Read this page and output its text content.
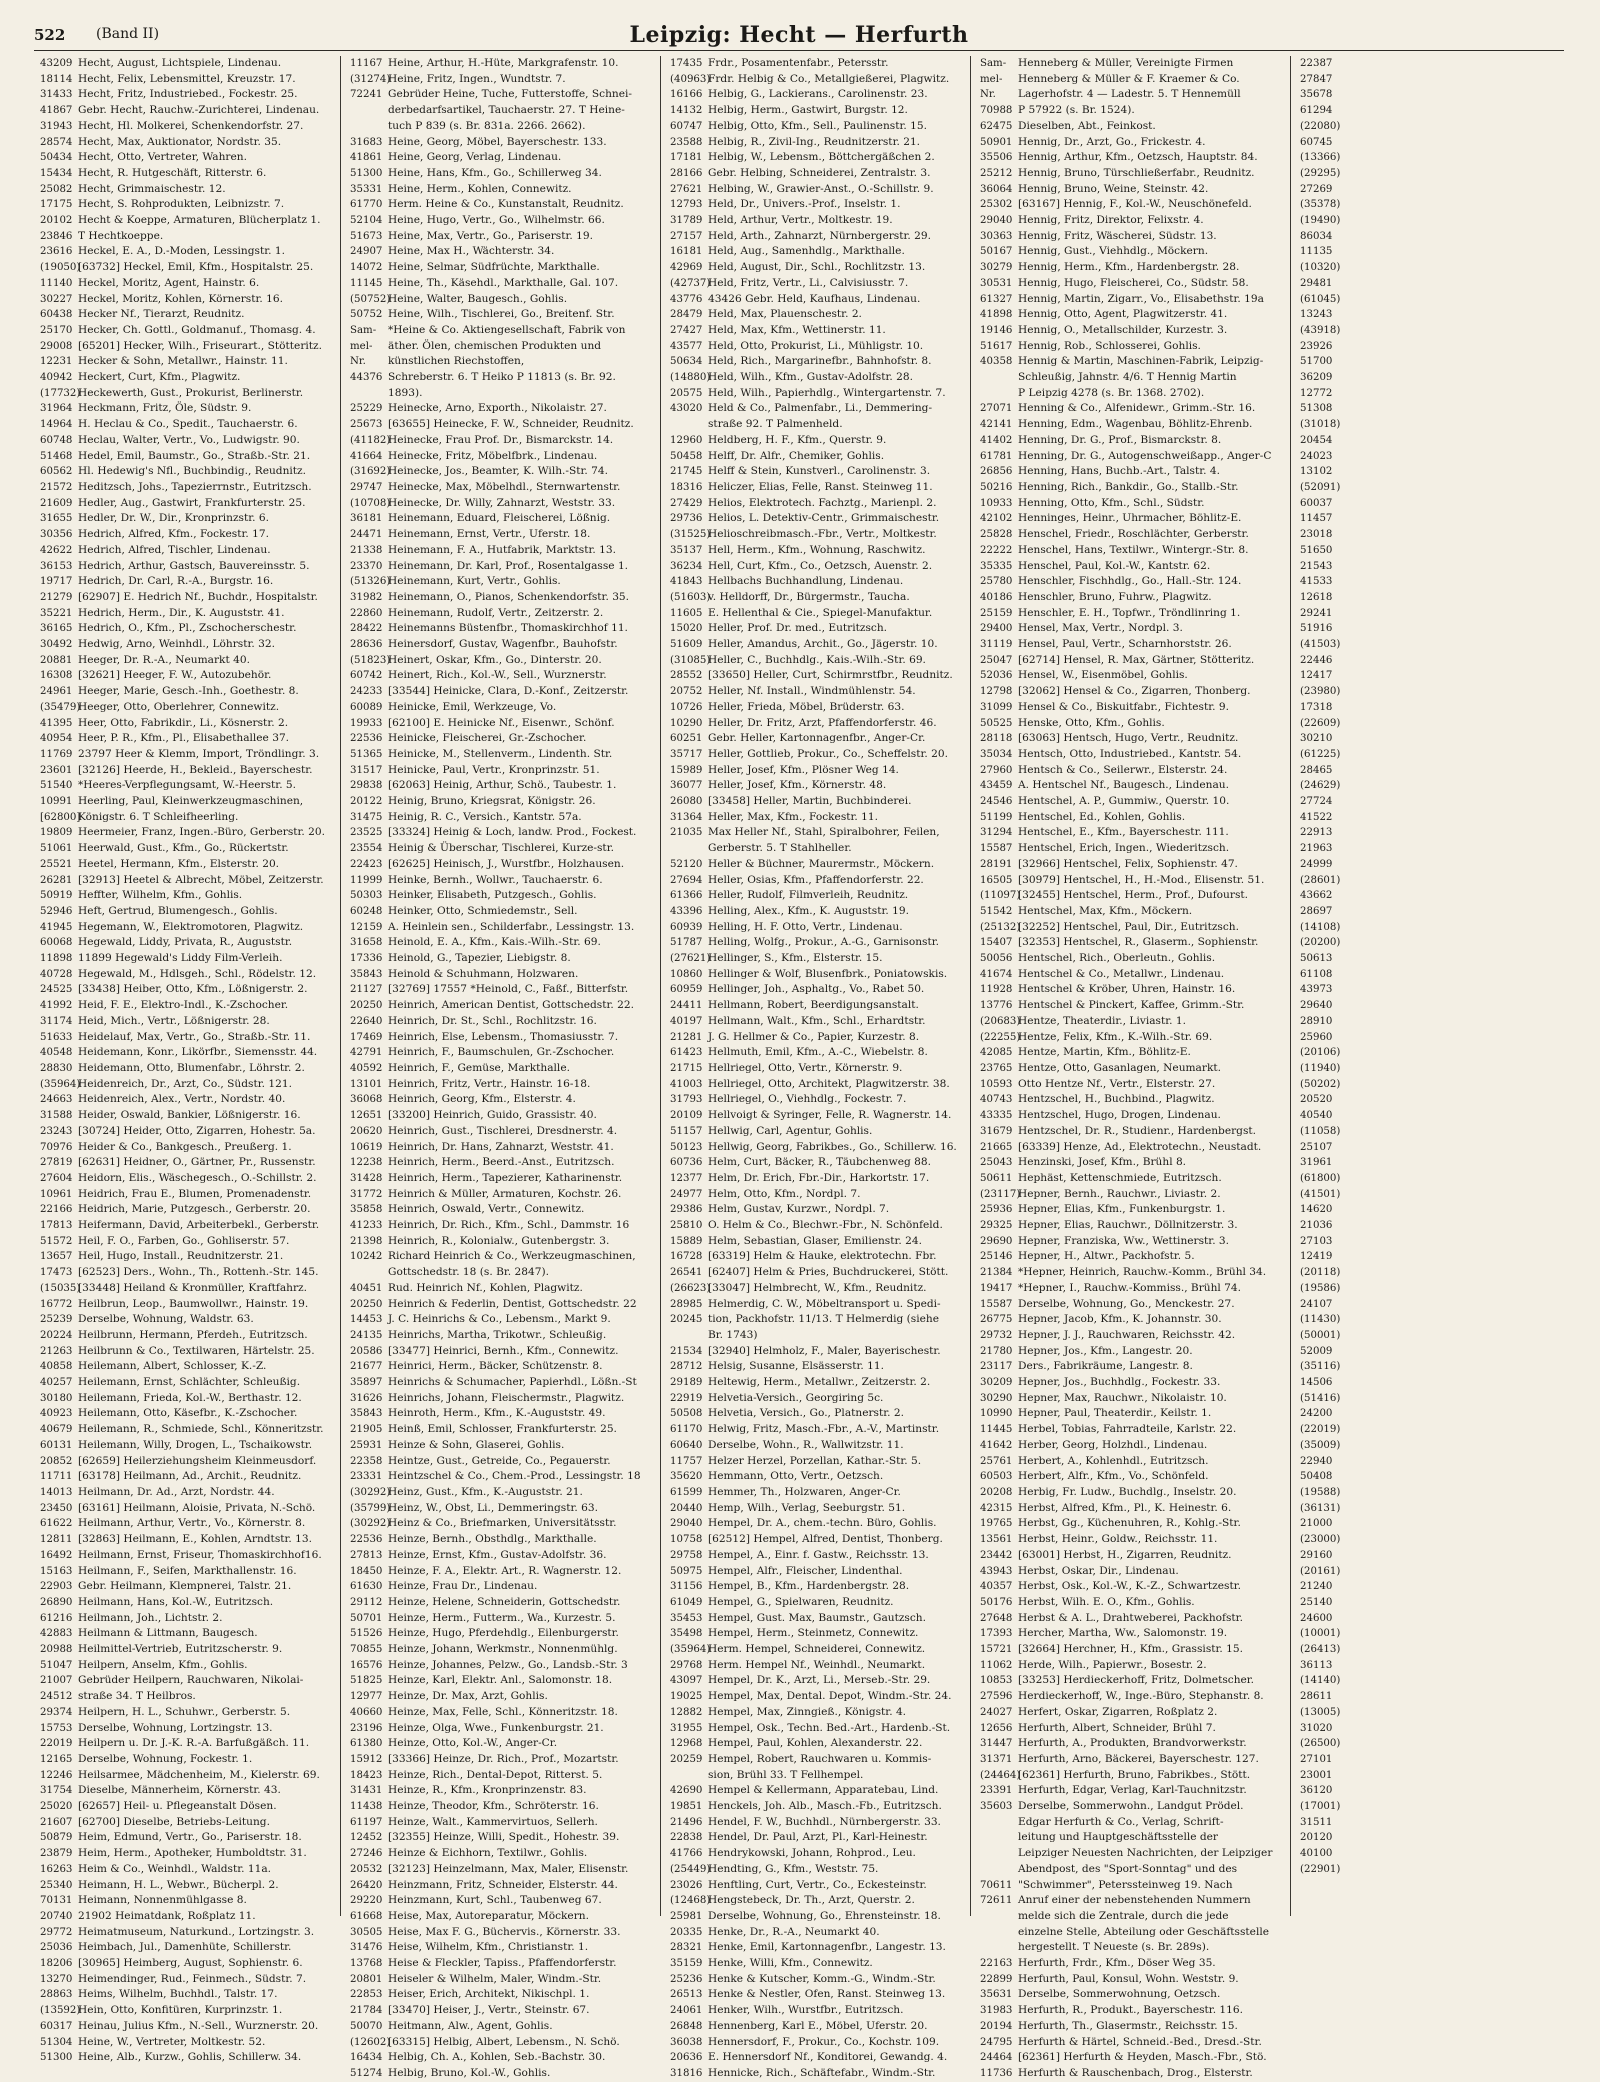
522 (Band II)	Leipzig: Hecht — Herfurth
43209 Hecht, August, Lichtspiele, Lindenau.
18114 Hecht, Felix, Lebensmittel, Kreuzstr. 17.
31433 Hecht, Fritz, Industriebed., Fockestr. 25.
41867 Gebr. Hecht, Rauchw.-Zurichterei, Lindenau.
31943 Hecht, Hl. Molkerei, Schenkendorfstr. 27.
28574 Hecht, Max, Auktionator, Nordstr. 35.
50434 Hecht, Otto, Vertreter, Wahren.
15434 Hecht, R. Hutgeschäft, Ritterstr. 6.
25082 Hecht, Grimmaischestr. 12.
17175 Hecht, S. Rohprodukten, Leibnizstr. 7.
20102 Hecht & Koeppe, Armaturen, Blücherplatz 1.
23846 T Hechtkoeppe.
23616 Heckel, E. A., D.-Moden, Lessingstr. 1.
(19050)[63732] Heckel, Emil, Kfm., Hospitalstr. 25.
11140 Heckel, Moritz, Agent, Hainstr. 6.
30227 Heckel, Moritz, Kohlen, Körnerstr. 16.
60438 Hecker Nf., Tierarzt, Reudnitz.
25170 Hecker, Ch. Gottl., Goldmanuf., Thomasg. 4.
29008 [65201] Hecker, Wilh., Friseurart., Stötteritz.
12231 Hecker & Sohn, Metallwr., Hainstr. 11.
40942 Heckert, Curt, Kfm., Plagwitz.
(17732)Heckewerth, Gust., Prokurist, Berlinerstr.
31964 Heckmann, Fritz, Öle, Südstr. 9.
14964 H. Heclau & Co., Spedit., Tauchaerstr. 6.
60748 Heclau, Walter, Vertr., Vo., Ludwigstr. 90.
51468 Hedel, Emil, Baumstr., Go., Straßb.-Str. 21.
60562 Hl. Hedewig's Nfl., Buchbindig., Reudnitz.
21572 Heditzsch, Johs., Tapezierrnstr., Eutritzsch.
21609 Hedler, Aug., Gastwirt, Frankfurterstr. 25.
31655 Hedler, Dr. W., Dir., Kronprinzstr. 6.
30356 Hedrich, Alfred, Kfm., Fockestr. 17.
42622 Hedrich, Alfred, Tischler, Lindenau.
36153 Hedrich, Arthur, Gastsch, Bauvereinsstr. 5.
19717 Hedrich, Dr. Carl, R.-A., Burgstr. 16.
21279 [62907] E. Hedrich Nf., Buchdr., Hospitalstr.
35221 Hedrich, Herm., Dir., K. Auguststr. 41.
36165 Hedrich, O., Kfm., Pl., Zschocherschestr.
30492 Hedwig, Arno, Weinhdl., Löhrstr. 32.
20881 Heeger, Dr. R.-A., Neumarkt 40.
16308 [32621] Heeger, F. W., Autozubehör.
24961 Heeger, Marie, Gesch.-Inh., Goethestr. 8.
(35479)Heeger, Otto, Oberlehrer, Connewitz.
41395 Heer, Otto, Fabrikdir., Li., Kösnerstr. 2.
40954 Heer, P. R., Kfm., Pl., Elisabethallee 37.
11769 23797 Heer & Klemm, Import, Tröndlingr. 3.
23601 [32126] Heerde, H., Bekleid., Bayerschestr.
51540 *Heeres-Verpflegungsamt, W.-Heerstr. 5.
10991 Heerling, Paul, Kleinwerkzeugmaschinen,
[62800]Königstr. 6. T Schleifheerling.
19809 Heermeier, Franz, Ingen.-Büro, Gerberstr. 20.
51061 Heerwald, Gust., Kfm., Go., Rückertstr.
25521 Heetel, Hermann, Kfm., Elsterstr. 20.
26281 [32913] Heetel & Albrecht, Möbel, Zeitzerstr.
50919 Heffter, Wilhelm, Kfm., Gohlis.
52946 Heft, Gertrud, Blumengesch., Gohlis.
41945 Hegemann, W., Elektromotoren, Plagwitz.
60068 Hegewald, Liddy, Privata, R., Auguststr.
11898 11899 Hegewald's Liddy Film-Verleih.
40728 Hegewald, M., Hdlsgeh., Schl., Rödelstr. 12.
24525 [33438] Heiber, Otto, Kfm., Lößnigerstr. 2.
41992 Heid, F. E., Elektro-Indl., K.-Zschocher.
31174 Heid, Mich., Vertr., Lößnigerstr. 28.
51633 Heidelauf, Max, Vertr., Go., Straßb.-Str. 11.
40548 Heidemann, Konr., Likörfbr., Siemensstr. 44.
28830 Heidemann, Otto, Blumenfabr., Löhrstr. 2.
(35964)Heidenreich, Dr., Arzt, Co., Südstr. 121.
24663 Heidenreich, Alex., Vertr., Nordstr. 40.
31588 Heider, Oswald, Bankier, Lößnigerstr. 16.
23243 [30724] Heider, Otto, Zigarren, Hohestr. 5a.
70976 Heider & Co., Bankgesch., Preußerg. 1.
27819 [62631] Heidner, O., Gärtner, Pr., Russenstr.
27604 Heidorn, Elis., Wäschegesch., O.-Schillstr. 2.
10961 Heidrich, Frau E., Blumen, Promenadenstr.
22166 Heidrich, Marie, Putzgesch., Gerberstr. 20.
17813 Heifermann, David, Arbeiterbekl., Gerberstr.
51572 Heil, F. O., Farben, Go., Gohliserstr. 57.
13657 Heil, Hugo, Install., Reudnitzerstr. 21.
17473 [62523] Ders., Wohn., Th., Rottenh.-Str. 145.
(15035)[33448] Heiland & Kronmüller, Kraftfahrz.
16772 Heilbrun, Leop., Baumwollwr., Hainstr. 19.
25239 Derselbe, Wohnung, Waldstr. 63.
20224 Heilbrunn, Hermann, Pferdeh., Eutritzsch.
21263 Heilbrunn & Co., Textilwaren, Härtelstr. 25.
40858 Heilemann, Albert, Schlosser, K.-Z.
40257 Heilemann, Ernst, Schlächter, Schleußig.
30180 Heilemann, Frieda, Kol.-W., Berthastr. 12.
40923 Heilemann, Otto, Käsefbr., K.-Zschocher.
40679 Heilemann, R., Schmiede, Schl., Könneritzstr.
60131 Heilemann, Willy, Drogen, L., Tschaikowstr.
20852 [62659] Heilerziehungsheim Kleinmeusdorf.
11711 [63178] Heilmann, Ad., Archit., Reudnitz.
14013 Heilmann, Dr. Ad., Arzt, Nordstr. 44.
23450 [63161] Heilmann, Aloisie, Privata, N.-Schö.
61622 Heilmann, Arthur, Vertr., Vo., Körnerstr. 8.
12811 [32863] Heilmann, E., Kohlen, Arndtstr. 13.
16492 Heilmann, Ernst, Friseur, Thomaskirchhof16.
15163 Heilmann, F., Seifen, Markthallenstr. 16.
22903 Gebr. Heilmann, Klempnerei, Talstr. 21.
26890 Heilmann, Hans, Kol.-W., Eutritzsch.
61216 Heilmann, Joh., Lichtstr. 2.
42883 Heilmann & Littmann, Baugesch.
20988 Heilmittel-Vertrieb, Eutritzscherstr. 9.
51047 Heilpern, Anselm, Kfm., Gohlis.
21007 Gebrüder Heilpern, Rauchwaren, Nikolai-
24512 straße 34. T Heilbros.
29374 Heilpern, H. L., Schuhwr., Gerberstr. 5.
15753 Derselbe, Wohnung, Lortzingstr. 13.
22019 Heilpern u. Dr. J.-K. R.-A. Barfußgäßch. 11.
12165 Derselbe, Wohnung, Fockestr. 1.
12246 Heilsarmee, Mädchenheim, M., Kielerstr. 69.
31754 Dieselbe, Männerheim, Körnerstr. 43.
25020 [62657] Heil- u. Pflegeanstalt Dösen.
21607 [62700] Dieselbe, Betriebs-Leitung.
50879 Heim, Edmund, Vertr., Go., Pariserstr. 18.
23879 Heim, Herm., Apotheker, Humboldtstr. 31.
16263 Heim & Co., Weinhdl., Waldstr. 11a.
25340 Heimann, H. L., Webwr., Bücherpl. 2.
70131 Heimann, Nonnenmühlgasse 8.
20740 21902 Heimatdank, Roßplatz 11.
29772 Heimatmuseum, Naturkund., Lortzingstr. 3.
25036 Heimbach, Jul., Damenhüte, Schillerstr.
18206 [30965] Heimberg, August, Sophienstr. 6.
13270 Heimendinger, Rud., Feinmech., Südstr. 7.
28863 Heims, Wilhelm, Buchhdl., Talstr. 17.
(13592)Hein, Otto, Konfitüren, Kurprinzstr. 1.
60317 Heinau, Julius Kfm., N.-Sell., Wurznerstr. 20.
51304 Heine, W., Vertreter, Moltkestr. 52.
51300 Heine, Alb., Kurzw., Gohlis, Schillerw. 34.
11167 Heine, Arthur, H.-Hüte, Markgrafenstr. 10.
(31274)Heine, Fritz, Ingen., Wundtstr. 7.
72241 Gebrüder Heine, Tuche, Futterstoffe, Schnei-
derbedarfsartikel, Tauchaerstr. 27. T Heine-
tuch P 839 (s. Br. 831a. 2266. 2662).
31683 Heine, Georg, Möbel, Bayerschestr. 133.
41861 Heine, Georg, Verlag, Lindenau.
51300 Heine, Hans, Kfm., Go., Schillerweg 34.
35331 Heine, Herm., Kohlen, Connewitz.
61770 Herm. Heine & Co., Kunstanstalt, Reudnitz.
52104 Heine, Hugo, Vertr., Go., Wilhelmstr. 66.
51673 Heine, Max, Vertr., Go., Pariserstr. 19.
24907 Heine, Max H., Wächterstr. 34.
14072 Heine, Selmar, Südfrüchte, Markthalle.
11145 Heine, Th., Käsehdl., Markthalle, Gal. 107.
(50752)Heine, Walter, Baugesch., Gohlis.
50752 Heine, Wilh., Tischlerei, Go., Breitenf. Str.
Sam- *Heine & Co. Aktiengesellschaft, Fabrik von
mel- äther. Ölen, chemischen Produkten und
Nr. künstlichen Riechstoffen,
44376 Schreberstr. 6. T Heiko P 11813 (s. Br. 92.
1893).
25229 Heinecke, Arno, Exporth., Nikolaistr. 27.
25673 [63655] Heinecke, F. W., Schneider, Reudnitz.
(41182)Heinecke, Frau Prof. Dr., Bismarckstr. 14.
41664 Heinecke, Fritz, Möbelfbrk., Lindenau.
(31692)Heinecke, Jos., Beamter, K. Wilh.-Str. 74.
29747 Heinecke, Max, Möbelhdl., Sternwartenstr.
(10708)Heinecke, Dr. Willy, Zahnarzt, Weststr. 33.
36181 Heinemann, Eduard, Fleischerei, Lößnig.
24471 Heinemann, Ernst, Vertr., Uferstr. 18.
21338 Heinemann, F. A., Hutfabrik, Marktstr. 13.
23370 Heinemann, Dr. Karl, Prof., Rosentalgasse 1.
(51326)Heinemann, Kurt, Vertr., Gohlis.
31982 Heinemann, O., Pianos, Schenkendorfstr. 35.
22860 Heinemann, Rudolf, Vertr., Zeitzerstr. 2.
28422 Heinemanns Büstenfbr., Thomaskirchhof 11.
28636 Heinersdorf, Gustav, Wagenfbr., Bauhofstr.
(51823)Heinert, Oskar, Kfm., Go., Dinterstr. 20.
60742 Heinert, Rich., Kol.-W., Sell., Wurznerstr.
24233 [33544] Heinicke, Clara, D.-Konf., Zeitzerstr.
60089 Heinicke, Emil, Werkzeuge, Vo.
19933 [62100] E. Heinicke Nf., Eisenwr., Schönf.
22536 Heinicke, Fleischerei, Gr.-Zschocher.
51365 Heinicke, M., Stellenverm., Lindenth. Str.
31517 Heinicke, Paul, Vertr., Kronprinzstr. 51.
29838 [62063] Heinig, Arthur, Schö., Taubestr. 1.
20122 Heinig, Bruno, Kriegsrat, Königstr. 26.
31475 Heinig, R. C., Versich., Kantstr. 57a.
23525 [33324] Heinig & Loch, landw. Prod., Fockest.
23554 Heinig & Überschar, Tischlerei, Kurze-str.
22423 [62625] Heinisch, J., Wurstfbr., Holzhausen.
11999 Heinke, Bernh., Wollwr., Tauchaerstr. 6.
50303 Heinker, Elisabeth, Putzgesch., Gohlis.
60248 Heinker, Otto, Schmiedemstr., Sell.
12159 A. Heinlein sen., Schilderfabr., Lessingstr. 13.
31658 Heinold, E. A., Kfm., Kais.-Wilh.-Str. 69.
17336 Heinold, G., Tapezier, Liebigstr. 8.
35843 Heinold & Schuhmann, Holzwaren.
21127 [32769] 17557 *Heinold, C., Faßf., Bitterfstr.
20250 Heinrich, American Dentist, Gottschedstr. 22.
22640 Heinrich, Dr. St., Schl., Rochlitzstr. 16.
17469 Heinrich, Else, Lebensm., Thomasiusstr. 7.
42791 Heinrich, F., Baumschulen, Gr.-Zschocher.
40592 Heinrich, F., Gemüse, Markthalle.
13101 Heinrich, Fritz, Vertr., Hainstr. 16-18.
36068 Heinrich, Georg, Kfm., Elsterstr. 4.
12651 [33200] Heinrich, Guido, Grassistr. 40.
20620 Heinrich, Gust., Tischlerei, Dresdnerstr. 4.
10619 Heinrich, Dr. Hans, Zahnarzt, Weststr. 41.
12238 Heinrich, Herm., Beerd.-Anst., Eutritzsch.
31428 Heinrich, Herm., Tapezierer, Katharinenstr.
31772 Heinrich & Müller, Armaturen, Kochstr. 26.
35858 Heinrich, Oswald, Vertr., Connewitz.
41233 Heinrich, Dr. Rich., Kfm., Schl., Dammstr. 16
21398 Heinrich, R., Kolonialw., Gutenbergstr. 3.
10242 Richard Heinrich & Co., Werkzeugmaschinen,
Gottschedstr. 18 (s. Br. 2847).
40451 Rud. Heinrich Nf., Kohlen, Plagwitz.
20250 Heinrich & Federlin, Dentist, Gottschedstr. 22
14453 J. C. Heinrichs & Co., Lebensm., Markt 9.
24135 Heinrichs, Martha, Trikotwr., Schleußig.
20586 [33477] Heinrici, Bernh., Kfm., Connewitz.
21677 Heinrici, Herm., Bäcker, Schützenstr. 8.
35897 Heinrichs & Schumacher, Papierhdl., Lößn.-St
31626 Heinrichs, Johann, Fleischermstr., Plagwitz.
35843 Heinroth, Herm., Kfm., K.-Auguststr. 49.
21905 Heinß, Emil, Schlosser, Frankfurterstr. 25.
25931 Heinze & Sohn, Glaserei, Gohlis.
22358 Heintze, Gust., Getreide, Co., Pegauerstr.
23331 Heintzschel & Co., Chem.-Prod., Lessingstr. 18
(30292)Heinz, Gust., Kfm., K.-Auguststr. 21.
(35799)Heinz, W., Obst, Li., Demmeringstr. 63.
(30292)Heinz & Co., Briefmarken, Universitätsstr.
22536 Heinze, Bernh., Obsthdlg., Markthalle.
27813 Heinze, Ernst, Kfm., Gustav-Adolfstr. 36.
18450 Heinze, F. A., Elektr. Art., R. Wagnerstr. 12.
61630 Heinze, Frau Dr., Lindenau.
29112 Heinze, Helene, Schneiderin, Gottschedstr.
50701 Heinze, Herm., Futterm., Wa., Kurzestr. 5.
51526 Heinze, Hugo, Pferdehdlg., Eilenburgerstr.
70855 Heinze, Johann, Werkmstr., Nonnenmühlg.
16576 Heinze, Johannes, Pelzw., Go., Landsb.-Str. 3
51825 Heinze, Karl, Elektr. Anl., Salomonstr. 18.
12977 Heinze, Dr. Max, Arzt, Gohlis.
40660 Heinze, Max, Felle, Schl., Könneritzstr. 18.
23196 Heinze, Olga, Wwe., Funkenburgstr. 21.
61380 Heinze, Otto, Kol.-W., Anger-Cr.
15912 [33366] Heinze, Dr. Rich., Prof., Mozartstr.
18423 Heinze, Rich., Dental-Depot, Ritterst. 5.
31431 Heinze, R., Kfm., Kronprinzenstr. 83.
11438 Heinze, Theodor, Kfm., Schröterstr. 16.
61197 Heinze, Walt., Kammervirtuos, Sellerh.
12452 [32355] Heinze, Willi, Spedit., Hohestr. 39.
27246 Heinze & Eichhorn, Textilwr., Gohlis.
20532 [32123] Heinzelmann, Max, Maler, Elisenstr.
26420 Heinzmann, Fritz, Schneider, Elsterstr. 44.
29220 Heinzmann, Kurt, Schl., Taubenweg 67.
61668 Heise, Max, Autoreparatur, Möckern.
30505 Heise, Max F. G., Büchervis., Körnerstr. 33.
31476 Heise, Wilhelm, Kfm., Christianstr. 1.
13768 Heise & Fleckler, Tapiss., Pfaffendorferstr.
20801 Heiseler & Wilhelm, Maler, Windm.-Str.
22853 Heiser, Erich, Architekt, Nikischpl. 1.
21784 [33470] Heiser, J., Vertr., Steinstr. 67.
50070 Heitmann, Alw., Agent, Gohlis.
(12602)[63315] Helbig, Albert, Lebensm., N. Schö.
16434 Helbig, Ch. A., Kohlen, Seb.-Bachstr. 30.
51274 Helbig, Bruno, Kol.-W., Gohlis.
17435 Frdr., Posamentenfabr., Petersstr.
(40963)Frdr. Helbig & Co., Metallgießerei, Plagwitz.
16166 Helbig, G., Lackierans., Carolinenstr. 23.
14132 Helbig, Herm., Gastwirt, Burgstr. 12.
60747 Helbig, Otto, Kfm., Sell., Paulinenstr. 15.
23588 Helbig, R., Zivil-Ing., Reudnitzerstr. 21.
17181 Helbig, W., Lebensm., Böttchergäßchen 2.
28166 Gebr. Helbing, Schneiderei, Zentralstr. 3.
27621 Helbing, W., Grawier-Anst., O.-Schillstr. 9.
12793 Held, Dr., Univers.-Prof., Inselstr. 1.
31789 Held, Arthur, Vertr., Moltkestr. 19.
27157 Held, Arth., Zahnarzt, Nürnbergerstr. 29.
16181 Held, Aug., Samenhdlg., Markthalle.
42969 Held, August, Dir., Schl., Rochlitzstr. 13.
(42737)Held, Fritz, Vertr., Li., Calvisiusstr. 7.
43776 43426 Gebr. Held, Kaufhaus, Lindenau.
28479 Held, Max, Plauenschestr. 2.
27427 Held, Max, Kfm., Wettinerstr. 11.
43577 Held, Otto, Prokurist, Li., Mühligstr. 10.
50634 Held, Rich., Margarinefbr., Bahnhofstr. 8.
(14880)Held, Wilh., Kfm., Gustav-Adolfstr. 28.
20575 Held, Wilh., Papierhdlg., Wintergartenstr. 7.
43020 Held & Co., Palmenfabr., Li., Demmering-
straße 92. T Palmenheld.
12960 Heldberg, H. F., Kfm., Querstr. 9.
50458 Helff, Dr. Alfr., Chemiker, Gohlis.
21745 Helff & Stein, Kunstverl., Carolinenstr. 3.
18316 Heliczer, Elias, Felle, Ranst. Steinweg 11.
27429 Helios, Elektrotech. Fachztg., Marienpl. 2.
29736 Helios, L. Detektiv-Centr., Grimmaischestr.
(31525)Helioschreibmasch.-Fbr., Vertr., Moltkestr.
35137 Hell, Herm., Kfm., Wohnung, Raschwitz.
36234 Hell, Curt, Kfm., Co., Oetzsch, Auenstr. 2.
41843 Hellbachs Buchhandlung, Lindenau.
(51603)v. Helldorff, Dr., Bürgermstr., Taucha.
11605 E. Hellenthal & Cie., Spiegel-Manufaktur.
15020 Heller, Prof. Dr. med., Eutritzsch.
51609 Heller, Amandus, Archit., Go., Jägerstr. 10.
(31085)Heller, C., Buchhdlg., Kais.-Wilh.-Str. 69.
28552 [33650] Heller, Curt, Schirmrstfbr., Reudnitz.
20752 Heller, Nf. Install., Windmühlenstr. 54.
10726 Heller, Frieda, Möbel, Brüderstr. 63.
10290 Heller, Dr. Fritz, Arzt, Pfaffendorferstr. 46.
60251 Gebr. Heller, Kartonnagenfbr., Anger-Cr.
35717 Heller, Gottlieb, Prokur., Co., Scheffelstr. 20.
15989 Heller, Josef, Kfm., Plösner Weg 14.
36077 Heller, Josef, Kfm., Körnerstr. 48.
26080 [33458] Heller, Martin, Buchbinderei.
31364 Heller, Max, Kfm., Fockestr. 11.
21035 Max Heller Nf., Stahl, Spiralbohrer, Feilen,
Gerberstr. 5. T Stahlheller.
52120 Heller & Büchner, Maurermstr., Möckern.
27694 Heller, Osias, Kfm., Pfaffendorferstr. 22.
61366 Heller, Rudolf, Filmverleih, Reudnitz.
43396 Helling, Alex., Kfm., K. Auguststr. 19.
60939 Helling, H. F. Otto, Vertr., Lindenau.
51787 Helling, Wolfg., Prokur., A.-G., Garnisonstr.
(27621)Hellinger, S., Kfm., Elsterstr. 15.
10860 Hellinger & Wolf, Blusenfbrk., Poniatowskis.
60959 Hellinger, Joh., Asphaltg., Vo., Rabet 50.
24411 Hellmann, Robert, Beerdigungsanstalt.
40197 Hellmann, Walt., Kfm., Schl., Erhardtstr.
21281 J. G. Hellmer & Co., Papier, Kurzestr. 8.
61423 Hellmuth, Emil, Kfm., A.-C., Wiebelstr. 8.
21715 Hellriegel, Otto, Vertr., Körnerstr. 9.
41003 Hellriegel, Otto, Architekt, Plagwitzerstr. 38.
31793 Hellriegel, O., Viehhdlg., Fockestr. 7.
20109 Hellvoigt & Syringer, Felle, R. Wagnerstr. 14.
51157 Hellwig, Carl, Agentur, Gohlis.
50123 Hellwig, Georg, Fabrikbes., Go., Schillerw. 16.
60736 Helm, Curt, Bäcker, R., Täubchenweg 88.
12377 Helm, Dr. Erich, Fbr.-Dir., Harkortstr. 17.
24977 Helm, Otto, Kfm., Nordpl. 7.
29386 Helm, Gustav, Kurzwr., Nordpl. 7.
25810 O. Helm & Co., Blechwr.-Fbr., N. Schönfeld.
15889 Helm, Sebastian, Glaser, Emilienstr. 24.
16728 [63319] Helm & Hauke, elektrotechn. Fbr.
26541 [62407] Helm & Pries, Buchdruckerei, Stött.
(26623)[33047] Helmbrecht, W., Kfm., Reudnitz.
28985 Helmerdig, C. W., Möbeltransport u. Spedi-
20245 tion, Packhofstr. 11/13. T Helmerdig (siehe
Br. 1743)
21534 [32940] Helmholz, F., Maler, Bayerischestr.
28712 Helsig, Susanne, Elsässerstr. 11.
29189 Heltewig, Herm., Metallwr., Zeitzerstr. 2.
22919 Helvetia-Versich., Georgiring 5c.
50508 Helvetia, Versich., Go., Platnerstr. 2.
61170 Helwig, Fritz, Masch.-Fbr., A.-V., Martinstr.
60640 Derselbe, Wohn., R., Wallwitzstr. 11.
11757 Helzer Herzel, Porzellan, Kathar.-Str. 5.
35620 Hemmann, Otto, Vertr., Oetzsch.
61599 Hemmer, Th., Holzwaren, Anger-Cr.
20440 Hemp, Wilh., Verlag, Seeburgstr. 51.
29040 Hempel, Dr. A., chem.-techn. Büro, Gohlis.
10758 [62512] Hempel, Alfred, Dentist, Thonberg.
29758 Hempel, A., Einr. f. Gastw., Reichsstr. 13.
50975 Hempel, Alfr., Fleischer, Lindenthal.
31156 Hempel, B., Kfm., Hardenbergstr. 28.
61049 Hempel, G., Spielwaren, Reudnitz.
35453 Hempel, Gust. Max, Baumstr., Gautzsch.
35498 Hempel, Herm., Steinmetz, Connewitz.
(35964)Herm. Hempel, Schneiderei, Connewitz.
29768 Herm. Hempel Nf., Weinhdl., Neumarkt.
43097 Hempel, Dr. K., Arzt, Li., Merseb.-Str. 29.
19025 Hempel, Max, Dental. Depot, Windm.-Str. 24.
12882 Hempel, Max, Zinngieß., Königstr. 4.
31955 Hempel, Osk., Techn. Bed.-Art., Hardenb.-St.
12968 Hempel, Paul, Kohlen, Alexanderstr. 22.
20259 Hempel, Robert, Rauchwaren u. Kommis-
sion, Brühl 33. T Fellhempel.
42690 Hempel & Kellermann, Apparatebau, Lind.
19851 Henckels, Joh. Alb., Masch.-Fb., Eutritzsch.
21496 Hendel, F. W., Buchhdl., Nürnbergerstr. 33.
22838 Hendel, Dr. Paul, Arzt, Pl., Karl-Heinestr.
41766 Hendrykowski, Johann, Rohprod., Leu.
(25449)Hendting, G., Kfm., Weststr. 75.
23026 Henftling, Curt, Vertr., Co., Eckesteinstr.
(12468)Hengstebeck, Dr. Th., Arzt, Querstr. 2.
25981 Derselbe, Wohnung, Go., Ehrensteinstr. 18.
20335 Henke, Dr., R.-A., Neumarkt 40.
28321 Henke, Emil, Kartonnagenfbr., Langestr. 13.
35159 Henke, Willi, Kfm., Connewitz.
25236 Henke & Kutscher, Komm.-G., Windm.-Str.
26513 Henke & Nestler, Ofen, Ranst. Steinweg 13.
24061 Henker, Wilh., Wurstfbr., Eutritzsch.
26848 Hennenberg, Karl E., Möbel, Uferstr. 20.
36038 Hennersdorf, F., Prokur., Co., Kochstr. 109.
20636 E. Hennersdorf Nf., Konditorei, Gewandg. 4.
31816 Hennicke, Rich., Schäftefabr., Windm.-Str.
Sam- Henneberg & Müller, Vereinigte Firmen
mel- Henneberg & Müller & F. Kraemer & Co.
Nr. Lagerhofstr. 4 — Ladestr. 5. T Hennemüll
70988 P 57922 (s. Br. 1524).
62475 Dieselben, Abt., Feinkost.
50901 Hennig, Dr., Arzt, Go., Frickestr. 4.
35506 Hennig, Arthur, Kfm., Oetzsch, Hauptstr. 84.
25212 Hennig, Bruno, Türschließerfabr., Reudnitz.
36064 Hennig, Bruno, Weine, Steinstr. 42.
25302 [63167] Hennig, F., Kol.-W., Neuschönefeld.
29040 Hennig, Fritz, Direktor, Felixstr. 4.
30363 Hennig, Fritz, Wäscherei, Südstr. 13.
50167 Hennig, Gust., Viehhdlg., Möckern.
30279 Hennig, Herm., Kfm., Hardenbergstr. 28.
30531 Hennig, Hugo, Fleischerei, Co., Südstr. 58.
61327 Hennig, Martin, Zigarr., Vo., Elisabethstr. 19a
41898 Hennig, Otto, Agent, Plagwitzerstr. 41.
19146 Hennig, O., Metallschilder, Kurzestr. 3.
51617 Hennig, Rob., Schlosserei, Gohlis.
40358 Hennig & Martin, Maschinen-Fabrik, Leipzig-
Schleußig, Jahnstr. 4/6. T Hennig Martin
P Leipzig 4278 (s. Br. 1368. 2702).
27071 Henning & Co., Alfenidewr., Grimm.-Str. 16.
42141 Henning, Edm., Wagenbau, Böhlitz-Ehrenb.
41402 Henning, Dr. G., Prof., Bismarckstr. 8.
61781 Henning, Dr. G., Autogenschweißapp., Anger-C
26856 Henning, Hans, Buchb.-Art., Talstr. 4.
50216 Henning, Rich., Bankdir., Go., Stallb.-Str.
10933 Henning, Otto, Kfm., Schl., Südstr.
42102 Henninges, Heinr., Uhrmacher, Böhlitz-E.
25828 Henschel, Friedr., Roschlächter, Gerberstr.
22222 Henschel, Hans, Textilwr., Wintergr.-Str. 8.
35335 Henschel, Paul, Kol.-W., Kantstr. 62.
25780 Henschler, Fischhdlg., Go., Hall.-Str. 124.
40186 Henschler, Bruno, Fuhrw., Plagwitz.
25159 Henschler, E. H., Topfwr., Tröndlinring 1.
29400 Hensel, Max, Vertr., Nordpl. 3.
31119 Hensel, Paul, Vertr., Scharnhorststr. 26.
25047 [62714] Hensel, R. Max, Gärtner, Stötteritz.
52036 Hensel, W., Eisenmöbel, Gohlis.
12798 [32062] Hensel & Co., Zigarren, Thonberg.
31099 Hensel & Co., Biskuitfabr., Fichtestr. 9.
50525 Henske, Otto, Kfm., Gohlis.
28118 [63063] Hentsch, Hugo, Vertr., Reudnitz.
35034 Hentsch, Otto, Industriebed., Kantstr. 54.
27960 Hentsch & Co., Seilerwr., Elsterstr. 24.
43459 A. Hentschel Nf., Baugesch., Lindenau.
24546 Hentschel, A. P., Gummiw., Querstr. 10.
51199 Hentschel, Ed., Kohlen, Gohlis.
31294 Hentschel, E., Kfm., Bayerschestr. 111.
15587 Hentschel, Erich, Ingen., Wiederitzsch.
28191 [32966] Hentschel, Felix, Sophienstr. 47.
16505 [30979] Hentschel, H., H.-Mod., Elisenstr. 51.
(11097)[32455] Hentschel, Herm., Prof., Dufourst.
51542 Hentschel, Max, Kfm., Möckern.
(25132)[32252] Hentschel, Paul, Dir., Eutritzsch.
15407 [32353] Hentschel, R., Glaserm., Sophienstr.
50056 Hentschel, Rich., Oberleutn., Gohlis.
41674 Hentschel & Co., Metallwr., Lindenau.
11928 Hentschel & Kröber, Uhren, Hainstr. 16.
13776 Hentschel & Pinckert, Kaffee, Grimm.-Str.
(20683)Hentze, Theaterdir., Liviastr. 1.
(22255)Hentze, Felix, Kfm., K.-Wilh.-Str. 69.
42085 Hentze, Martin, Kfm., Böhlitz-E.
23765 Hentze, Otto, Gasanlagen, Neumarkt.
10593 Otto Hentze Nf., Vertr., Elsterstr. 27.
40743 Hentzschel, H., Buchbind., Plagwitz.
43335 Hentzschel, Hugo, Drogen, Lindenau.
31679 Hentzschel, Dr. R., Studienr., Hardenbergst.
21665 [63339] Henze, Ad., Elektrotechn., Neustadt.
25043 Henzinski, Josef, Kfm., Brühl 8.
50611 Hephäst, Kettenschmiede, Eutritzsch.
(23117)Hepner, Bernh., Rauchwr., Liviastr. 2.
25936 Hepner, Elias, Kfm., Funkenburgstr. 1.
29325 Hepner, Elias, Rauchwr., Döllnitzerstr. 3.
29690 Hepner, Franziska, Ww., Wettinerstr. 3.
25146 Hepner, H., Altwr., Packhofstr. 5.
21384 *Hepner, Heinrich, Rauchw.-Komm., Brühl 34.
19417 *Hepner, I., Rauchw.-Kommiss., Brühl 74.
15587 Derselbe, Wohnung, Go., Menckestr. 27.
26775 Hepner, Jacob, Kfm., K. Johannstr. 30.
29732 Hepner, J. J., Rauchwaren, Reichsstr. 42.
21780 Hepner, Jos., Kfm., Langestr. 20.
23117 Ders., Fabrikräume, Langestr. 8.
30209 Hepner, Jos., Buchhdlg., Fockestr. 33.
30290 Hepner, Max, Rauchwr., Nikolaistr. 10.
10990 Hepner, Paul, Theaterdir., Keilstr. 1.
11445 Herbel, Tobias, Fahrradteile, Karlstr. 22.
41642 Herber, Georg, Holzhdl., Lindenau.
25761 Herbert, A., Kohlenhdl., Eutritzsch.
60503 Herbert, Alfr., Kfm., Vo., Schönfeld.
20208 Herbig, Fr. Ludw., Buchdlg., Inselstr. 20.
42315 Herbst, Alfred, Kfm., Pl., K. Heinestr. 6.
19765 Herbst, Gg., Küchenuhren, R., Kohlg.-Str.
13561 Herbst, Heinr., Goldw., Reichsstr. 11.
23442 [63001] Herbst, H., Zigarren, Reudnitz.
43943 Herbst, Oskar, Dir., Lindenau.
40357 Herbst, Osk., Kol.-W., K.-Z., Schwartzestr.
50176 Herbst, Wilh. E. O., Kfm., Gohlis.
27648 Herbst & A. L., Drahtweberei, Packhofstr.
17393 Hercher, Martha, Ww., Salomonstr. 19.
15721 [32664] Herchner, H., Kfm., Grassistr. 15.
11062 Herde, Wilh., Papierwr., Bosestr. 2.
10853 [33253] Herdieckerhoff, Fritz, Dolmetscher.
27596 Herdieckerhoff, W., Inge.-Büro, Stephanstr. 8.
24027 Herfert, Oskar, Zigarren, Roßplatz 2.
12656 Herfurth, Albert, Schneider, Brühl 7.
31447 Herfurth, A., Produkten, Brandvorwerkstr.
31371 Herfurth, Arno, Bäckerei, Bayerschestr. 127.
(24464)[62361] Herfurth, Bruno, Fabrikbes., Stött.
23391 Herfurth, Edgar, Verlag, Karl-Tauchnitzstr.
35603 Derselbe, Sommerwohn., Landgut Prödel.
Edgar Herfurth & Co., Verlag, Schrift-
leitung und Hauptgeschäftsstelle der
Leipziger Neuesten Nachrichten, der Leipziger
Abendpost, des "Sport-Sonntag" und des
70611 "Schwimmer", Peterssteinweg 19. Nach
72611 Anruf einer der nebenstehenden Nummern
melde sich die Zentrale, durch die jede
einzelne Stelle, Abteilung oder Geschäftsstelle
hergestellt. T Neueste (s. Br. 289s).
22163 Herfurth, Frdr., Kfm., Döser Weg 35.
22899 Herfurth, Paul, Konsul, Wohn. Weststr. 9.
35631 Derselbe, Sommerwohnung, Oetzsch.
31983 Herfurth, R., Produkt., Bayerschestr. 116.
20194 Herfurth, Th., Glasermstr., Reichsstr. 15.
24795 Herfurth & Härtel, Schneid.-Bed., Dresd.-Str.
24464 [62361] Herfurth & Heyden, Masch.-Fbr., Stö.
11736 Herfurth & Rauschenbach, Drog., Elsterstr.
22387
27847
35678
61294
(22080)
60745
(13366)
(29295)
27269
(35378)
(19490)
86034
11135
(10320)
29481
(61045)
13243
(43918)
23926
51700
36209
12772
51308
(31018)
20454
24023
13102
(52091)
60037
11457
23018
51650
21543
41533
12618
29241
51916
(41503)
22446
12417
(23980)
17318
(22609)
30210
(61225)
28465
(24629)
27724
41522
22913
21963
24999
(28601)
43662
28697
(14108)
(20200)
50613
61108
43973
29640
28910
25960
(20106)
(11940)
(50202)
20520
40540
(11058)
25107
31961
(61800)
(41501)
14620
21036
27103
12419
(20118)
(19586)
24107
(11430)
(50001)
52009
(35116)
14506
(51416)
24200
(22019)
(35009)
22940
50408
(19588)
(36131)
21000
(23000)
29160
(20161)
21240
25140
24600
(10001)
(26413)
36113
(14140)
28611
(13005)
31020
(26500)
27101
23001
36120
(17001)
31511
20120
40100
(22901)
